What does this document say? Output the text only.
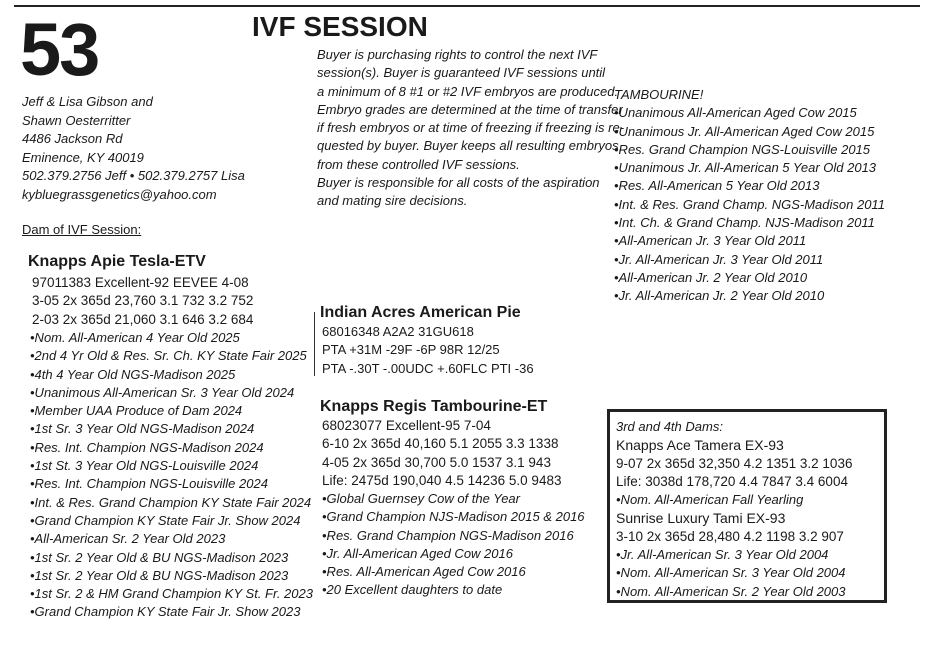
53	IVF SESSION
Jeff & Lisa Gibson and
Shawn Oesterritter
4486 Jackson Rd
Eminence, KY 40019
502.379.2756 Jeff • 502.379.2757 Lisa
kybluegrassgenetics@yahoo.com
Buyer is purchasing rights to control the next IVF
session(s). Buyer is guaranteed IVF sessions until
a minimum of 8 #1 or #2 IVF embryos are produced.
Embryo grades are determined at the time of transfer
if fresh embryos or at time of freezing if freezing is re-
quested by buyer. Buyer keeps all resulting embryos
from these controlled IVF sessions.
Buyer is responsible for all costs of the aspiration
and mating sire decisions.
Dam of IVF Session:
Knapps Apie Tesla-ETV
97011383 Excellent-92 EEVEE 4-08
3-05 2x 365d 23,760 3.1 732 3.2 752
2-03 2x 365d 21,060 3.1 646 3.2 684
•Nom. All-American 4 Year Old 2025
•2nd 4 Yr Old & Res. Sr. Ch. KY State Fair 2025
•4th 4 Year Old NGS-Madison 2025
•Unanimous All-American Sr. 3 Year Old 2024
•Member UAA Produce of Dam 2024
•1st Sr. 3 Year Old NGS-Madison 2024
•Res. Int. Champion NGS-Madison 2024
•1st St. 3 Year Old NGS-Louisville 2024
•Res. Int. Champion NGS-Louisville 2024
•Int. & Res. Grand Champion KY State Fair 2024
•Grand Champion KY State Fair Jr. Show 2024
•All-American Sr. 2 Year Old 2023
•1st Sr. 2 Year Old & BU NGS-Madison 2023
•1st Sr. 2 Year Old & BU NGS-Madison 2023
•1st Sr. 2 & HM Grand Champion KY St. Fr. 2023
•Grand Champion KY State Fair Jr. Show 2023
Indian Acres American Pie
68016348 A2A2 31GU618
PTA +31M -29F -6P 98R 12/25
PTA -.30T -.00UDC +.60FLC PTI -36
Knapps Regis Tambourine-ET
68023077 Excellent-95 7-04
6-10 2x 365d 40,160 5.1 2055 3.3 1338
4-05 2x 365d 30,700 5.0 1537 3.1 943
Life: 2475d 190,040 4.5 14236 5.0 9483
•Global Guernsey Cow of the Year
•Grand Champion NJS-Madison 2015 & 2016
•Res. Grand Champion NGS-Madison 2016
•Jr. All-American Aged Cow 2016
•Res. All-American Aged Cow 2016
•20 Excellent daughters to date
TAMBOURINE!
•Unanimous All-American Aged Cow 2015
•Unanimous Jr. All-American Aged Cow 2015
•Res. Grand Champion NGS-Louisville 2015
•Unanimous Jr. All-American 5 Year Old 2013
•Res. All-American 5 Year Old 2013
•Int. & Res. Grand Champ. NGS-Madison 2011
•Int. Ch. & Grand Champ. NJS-Madison 2011
•All-American Jr. 3 Year Old 2011
•Jr. All-American Jr. 3 Year Old 2011
•All-American Jr. 2 Year Old 2010
•Jr. All-American Jr. 2 Year Old 2010
3rd and 4th Dams:
Knapps Ace Tamera EX-93
9-07 2x 365d 32,350 4.2 1351 3.2 1036
Life: 3038d 178,720 4.4 7847 3.4 6004
•Nom. All-American Fall Yearling
Sunrise Luxury Tami EX-93
3-10 2x 365d 28,480 4.2 1198 3.2 907
•Jr. All-American Sr. 3 Year Old 2004
•Nom. All-American Sr. 3 Year Old 2004
•Nom. All-American Sr. 2 Year Old 2003
